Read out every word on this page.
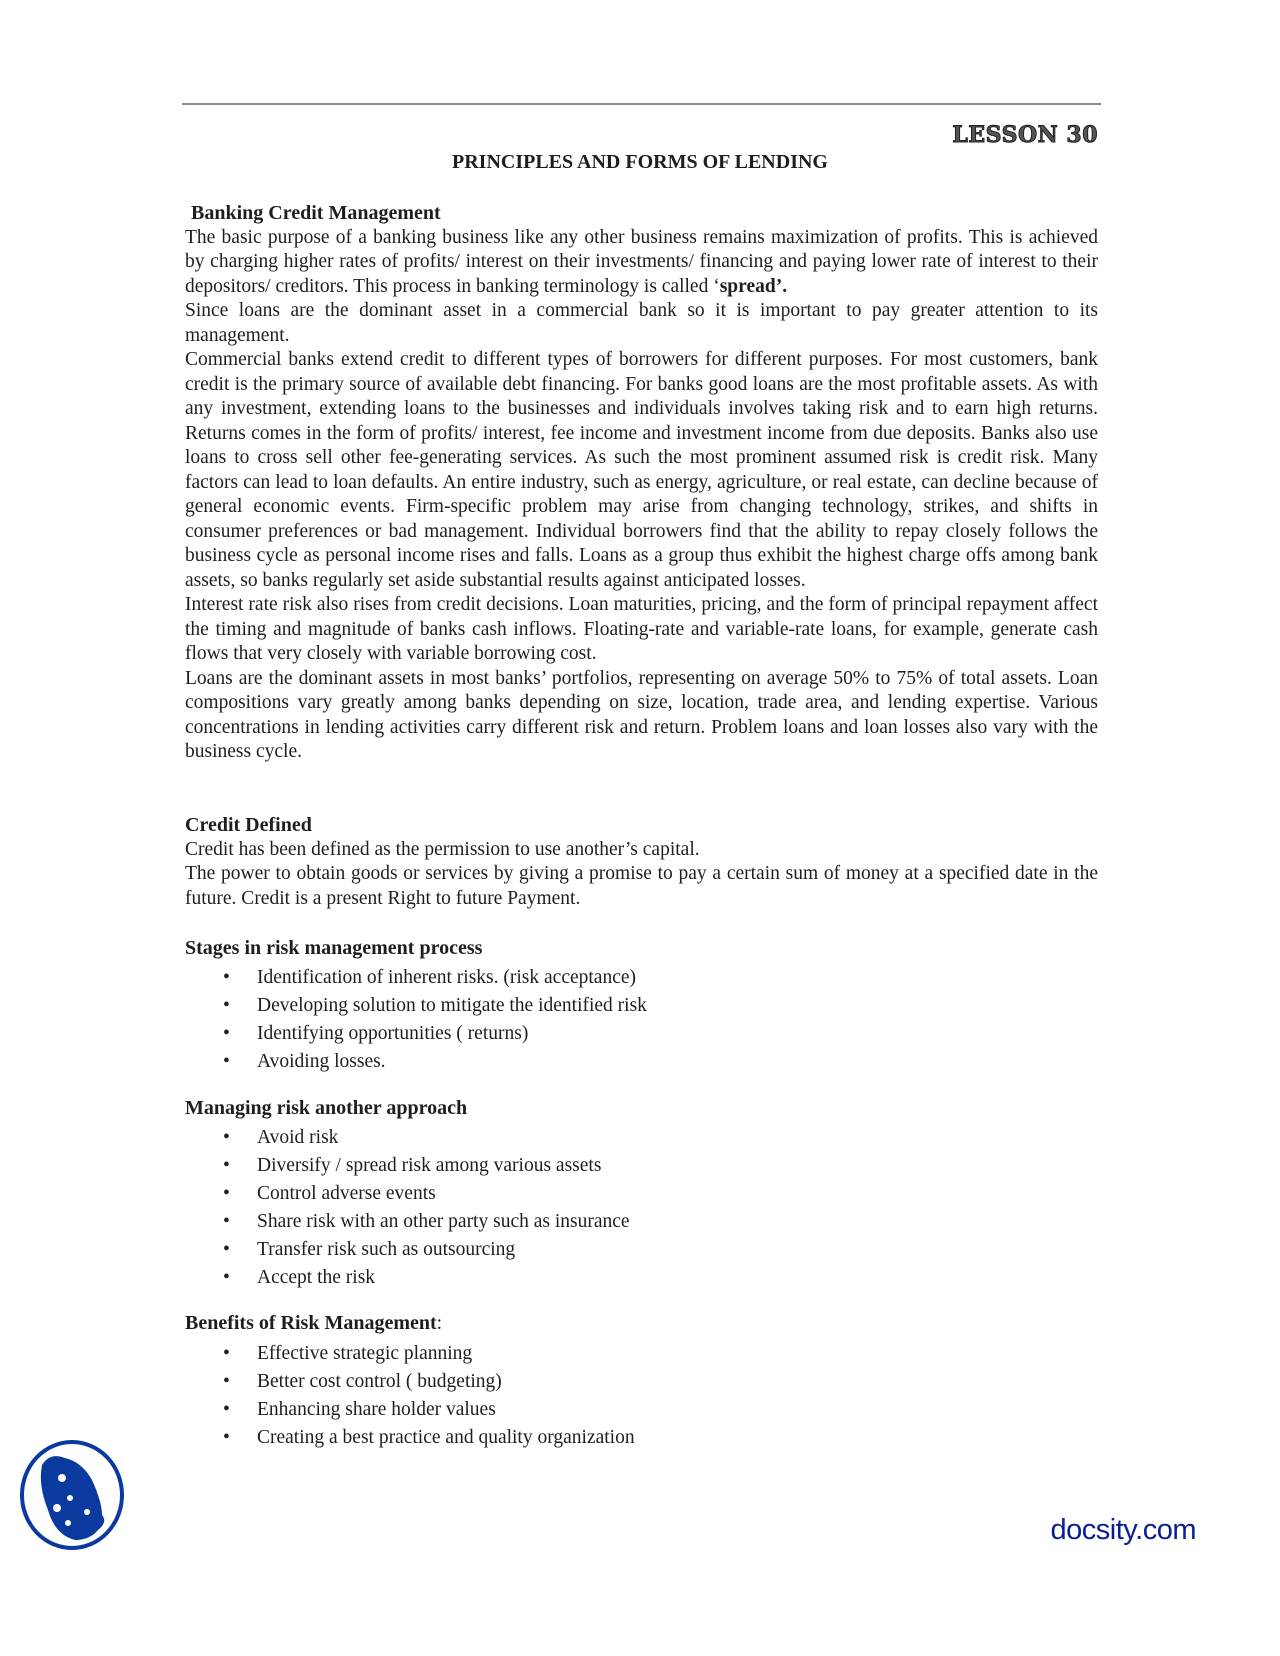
LESSON 30
PRINCIPLES AND FORMS OF LENDING
Banking Credit Management

The basic purpose of a banking business like any other business remains maximization of profits. This is achieved by charging higher rates of profits/ interest on their investments/ financing and paying lower rate of interest to their depositors/ creditors. This process in banking terminology is called ‘spread’.

Since loans are the dominant asset in a commercial bank so it is important to pay greater attention to its management.

Commercial banks extend credit to different types of borrowers for different purposes. For most customers, bank credit is the primary source of available debt financing. For banks good loans are the most profitable assets. As with any investment, extending loans to the businesses and individuals involves taking risk and to earn high returns. Returns comes in the form of profits/ interest, fee income and investment income from due deposits. Banks also use loans to cross sell other fee-generating services. As such the most prominent assumed risk is credit risk. Many factors can lead to loan defaults. An entire industry, such as energy, agriculture, or real estate, can decline because of general economic events. Firm-specific problem may arise from changing technology, strikes, and shifts in consumer preferences or bad management. Individual borrowers find that the ability to repay closely follows the business cycle as personal income rises and falls. Loans as a group thus exhibit the highest charge offs among bank assets, so banks regularly set aside substantial results against anticipated losses.

Interest rate risk also rises from credit decisions. Loan maturities, pricing, and the form of principal repayment affect the timing and magnitude of banks cash inflows. Floating-rate and variable-rate loans, for example, generate cash flows that very closely with variable borrowing cost.

Loans are the dominant assets in most banks’ portfolios, representing on average 50% to 75% of total assets. Loan compositions vary greatly among banks depending on size, location, trade area, and lending expertise. Various concentrations in lending activities carry different risk and return. Problem loans and loan losses also vary with the business cycle.

Credit Defined

Credit has been defined as the permission to use another’s capital.

The power to obtain goods or services by giving a promise to pay a certain sum of money at a specified date in the future. Credit is a present Right to future Payment.

Stages in risk management process
• Identification of inherent risks. (risk acceptance)
• Developing solution to mitigate the identified risk
• Identifying opportunities ( returns)
• Avoiding losses.
Managing risk another approach
• Avoid risk
• Diversify / spread risk among various assets
• Control adverse events
• Share risk with an other party such as insurance
• Transfer risk such as outsourcing
• Accept the risk
Benefits of Risk Management:
• Effective strategic planning
• Better cost control ( budgeting)
• Enhancing share holder values
• Creating a best practice and quality organization
docsity.com
